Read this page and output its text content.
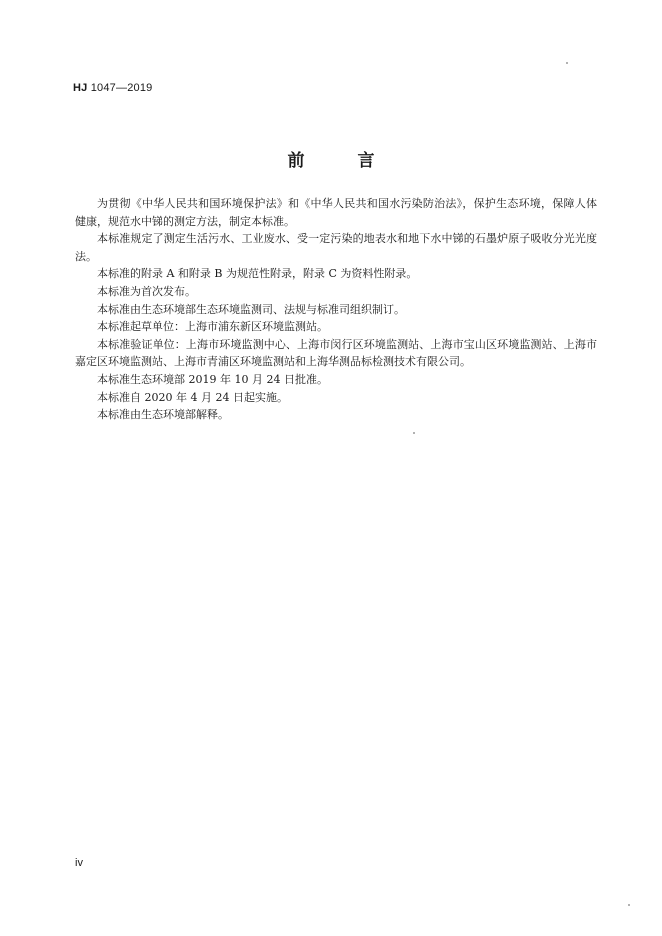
HJ 1047—2019
前　言

为贯彻《中华人民共和国环境保护法》和《中华人民共和国水污染防治法》，保护生态环境，保障人体健康，规范水中锑的测定方法，制定本标准。

本标准规定了测定生活污水、工业废水、受一定污染的地表水和地下水中锑的石墨炉原子吸收分光光度法。

本标准的附录 A 和附录 B 为规范性附录，附录 C 为资料性附录。

本标准为首次发布。

本标准由生态环境部生态环境监测司、法规与标准司组织制订。

本标准起草单位：上海市浦东新区环境监测站。

本标准验证单位：上海市环境监测中心、上海市闵行区环境监测站、上海市宝山区环境监测站、上海市嘉定区环境监测站、上海市青浦区环境监测站和上海华测品标检测技术有限公司。

本标准生态环境部 2019 年 10 月 24 日批准。

本标准自 2020 年 4 月 24 日起实施。

本标准由生态环境部解释。

iv
